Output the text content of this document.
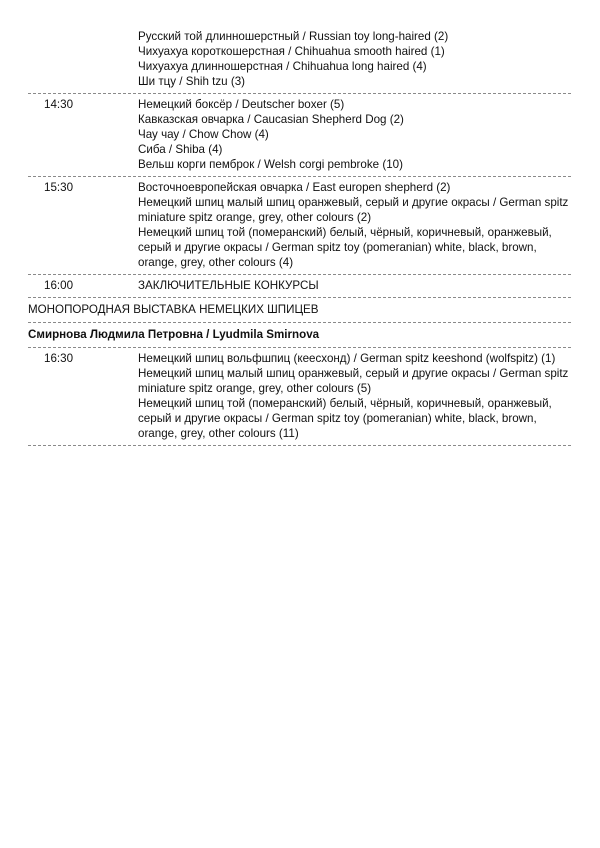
Русский той длинношерстный / Russian toy long-haired (2)
Чихуахуа короткошерстная / Chihuahua smooth haired (1)
Чихуахуа длинношерстная / Chihuahua long haired (4)
Ши тцу / Shih tzu (3)
14:30	Немецкий боксёр / Deutscher boxer (5)
Кавказская овчарка / Caucasian Shepherd Dog (2)
Чау чау / Chow Chow (4)
Сиба / Shiba (4)
Вельш корги пемброк / Welsh corgi pembroke (10)
15:30	Восточноевропейская овчарка / East europen shepherd (2)
Немецкий шпиц малый шпиц оранжевый, серый и другие окрасы / German spitz miniature spitz orange, grey, other colours (2)
Немецкий шпиц той (померанский) белый, чёрный, коричневый, оранжевый, серый и другие окрасы / German spitz toy (pomeranian) white, black, brown, orange, grey, other colours (4)
16:00	ЗАКЛЮЧИТЕЛЬНЫЕ КОНКУРСЫ
МОНОПОРОДНАЯ ВЫСТАВКА НЕМЕЦКИХ ШПИЦЕВ
Смирнова Людмила Петровна / Lyudmila Smirnova
16:30	Немецкий шпиц вольфшпиц (кеесхонд) / German spitz keeshond (wolfspitz) (1)
Немецкий шпиц малый шпиц оранжевый, серый и другие окрасы / German spitz miniature spitz orange, grey, other colours (5)
Немецкий шпиц той (померанский) белый, чёрный, коричневый, оранжевый, серый и другие окрасы / German spitz toy (pomeranian) white, black, brown, orange, grey, other colours (11)
